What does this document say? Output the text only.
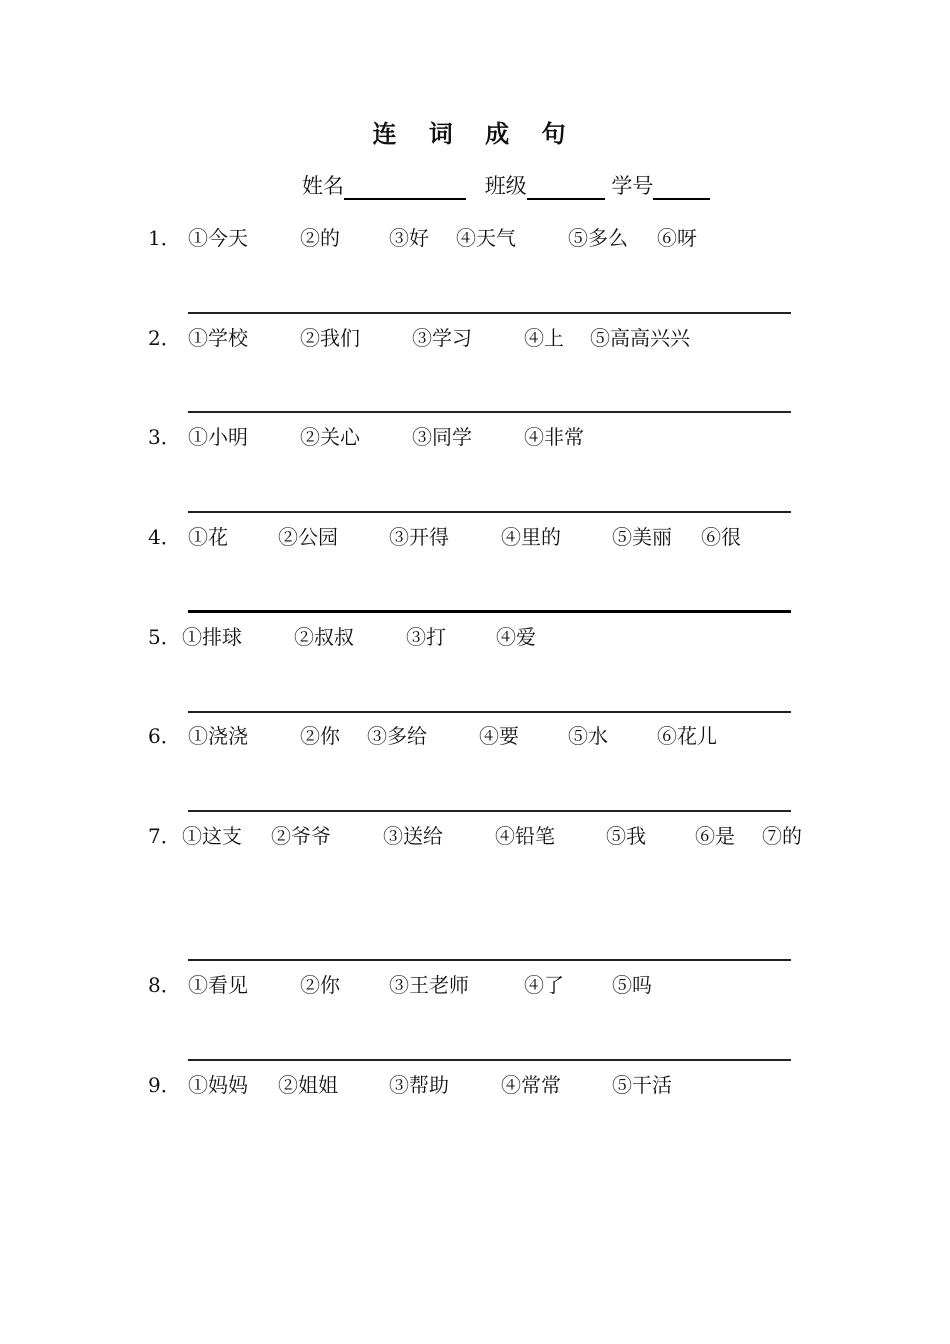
连 词 成 句
姓名	班级	学号
1． ①今天	②的 ③好 ④天气	⑤多么 ⑥呀
2． ①学校	②我们	③学习	④上 ⑤高高兴兴
3． ①小明	②关心	③同学	④非常
4． ①花	②公园	③开得	④里的	⑤美丽 ⑥很
5． ①排球	②叔叔	③打	④爱
6． ①浇浇	②你 ③多给	④要 ⑤水 ⑥花儿
7． ①这支 ②爷爷	③送给	④铅笔	⑤我 ⑥是 ⑦的
8． ①看见	②你 ③王老师	④了 ⑤吗
9． ①妈妈 ②姐姐	③帮助	④常常	⑤干活
